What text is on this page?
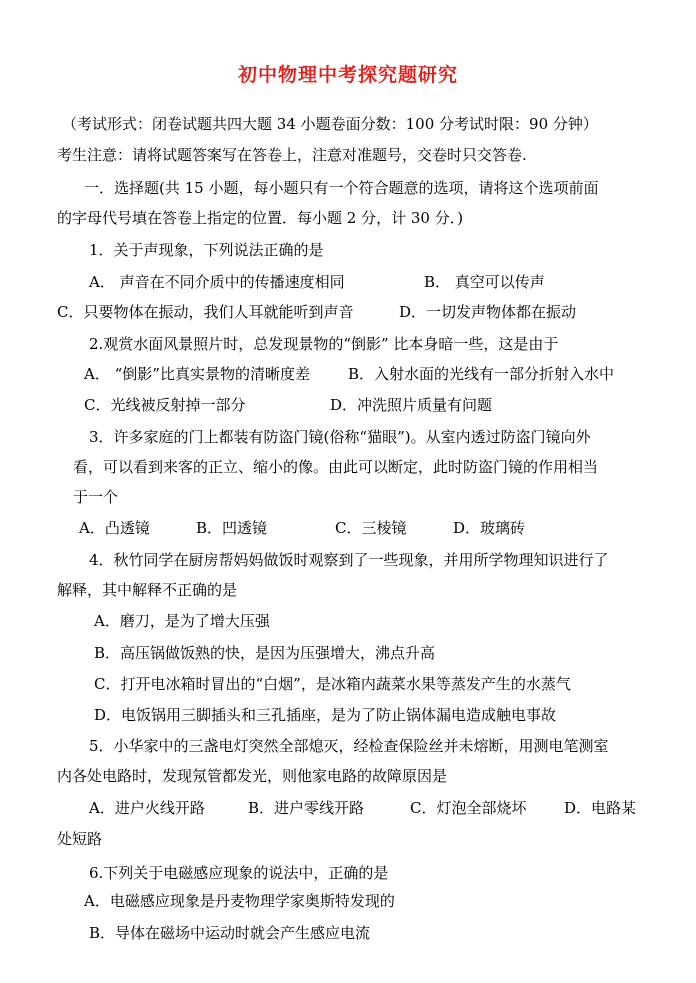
初中物理中考探究题研究
（考试形式：闭卷试题共四大题 34 小题卷面分数：100 分考试时限：90 分钟）
考生注意：请将试题答案写在答卷上，注意对准题号，交卷时只交答卷.
一．选择题(共 15 小题，每小题只有一个符合题意的选项，请将这个选项前面
的字母代号填在答卷上指定的位置．每小题 2 分，计 30 分．)
1．关于声现象，下列说法正确的是
A． 声音在不同介质中的传播速度相同	B． 真空可以传声
C．只要物体在振动，我们人耳就能听到声音	D．一切发声物体都在振动
2.观赏水面风景照片时，总发现景物的“倒影” 比本身暗一些，这是由于
A． “倒影”比真实景物的清晰度差	B．入射水面的光线有一部分折射入水中
C．光线被反射掉一部分	D．冲洗照片质量有问题
3．许多家庭的门上都装有防盗门镜(俗称“猫眼”)。从室内透过防盗门镜向外
看，可以看到来客的正立、缩小的像。由此可以断定，此时防盗门镜的作用相当
于一个
A．凸透镜	B．凹透镜	C．三棱镜	D．玻璃砖
4．秋竹同学在厨房帮妈妈做饭时观察到了一些现象，并用所学物理知识进行了
解释，其中解释不正确的是
A．磨刀，是为了增大压强
B．高压锅做饭熟的快，是因为压强增大，沸点升高
C．打开电冰箱时冒出的“白烟”，是冰箱内蔬菜水果等蒸发产生的水蒸气
D．电饭锅用三脚插头和三孔插座，是为了防止锅体漏电造成触电事故
5．小华家中的三盏电灯突然全部熄灭，经检查保险丝并未熔断，用测电笔测室
内各处电路时，发现氖管都发光，则他家电路的故障原因是
A．进户火线开路	B．进户零线开路	C．灯泡全部烧坏	D．电路某
处短路
6.下列关于电磁感应现象的说法中，正确的是
A．电磁感应现象是丹麦物理学家奥斯特发现的
B．导体在磁场中运动时就会产生感应电流
